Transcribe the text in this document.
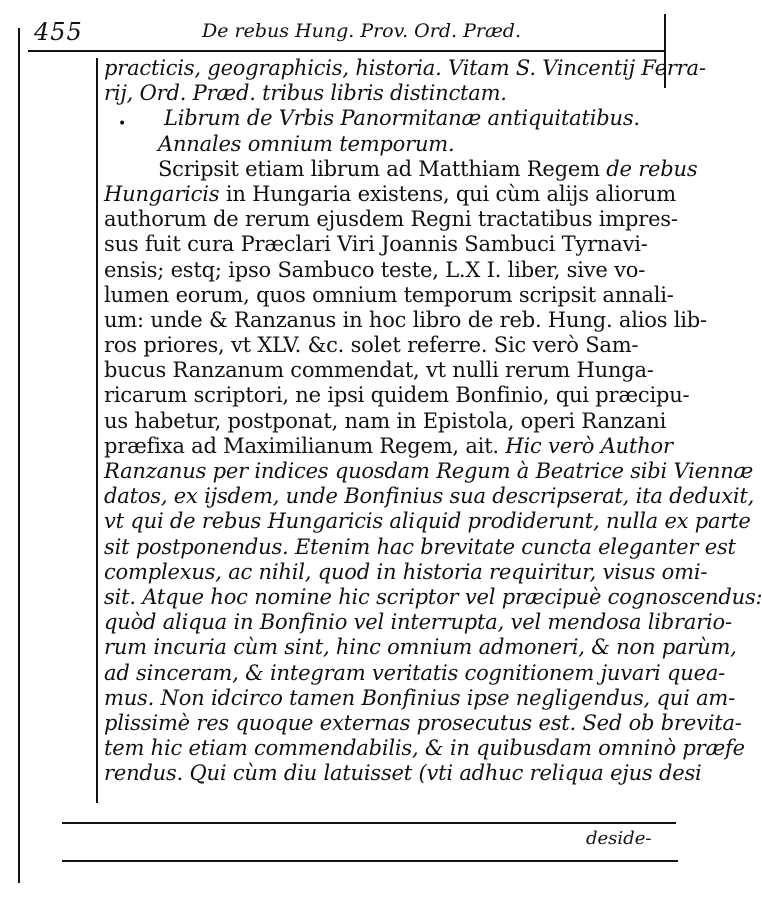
455	De rebus Hung. Prov. Ord. Præd.
•
practicis, geographicis, historia. Vitam S. Vincentij Ferra-
rij, Ord. Præd. tribus libris distinctam.
Librum de Vrbis Panormitanæ antiquitatibus.
Annales omnium temporum.
Scripsit etiam librum ad Matthiam Regem de rebus
Hungaricis in Hungaria existens, qui cùm alijs aliorum
authorum de rerum ejusdem Regni tractatibus impres-
sus fuit cura Præclari Viri Joannis Sambuci Tyrnavi-
ensis; estq; ipso Sambuco teste, L.X I. liber, sive vo-
lumen eorum, quos omnium temporum scripsit annali-
um: unde & Ranzanus in hoc libro de reb. Hung. alios lib-
ros priores, vt XLV. &c. solet referre. Sic verò Sam-
bucus Ranzanum commendat, vt nulli rerum Hunga-
ricarum scriptori, ne ipsi quidem Bonfinio, qui præcipu-
us habetur, postponat, nam in Epistola, operi Ranzani
præfixa ad Maximilianum Regem, ait. Hic verò Author
Ranzanus per indices quosdam Regum à Beatrice sibi Viennæ
datos, ex ijsdem, unde Bonfinius sua descripserat, ita deduxit,
vt qui de rebus Hungaricis aliquid prodiderunt, nulla ex parte
sit postponendus. Etenim hac brevitate cuncta eleganter est
complexus, ac nihil, quod in historia requiritur, visus omi-
sit. Atque hoc nomine hic scriptor vel præcipuè cognoscendus:
quòd aliqua in Bonfinio vel interrupta, vel mendosa librario-
rum incuria cùm sint, hinc omnium admoneri, & non parùm,
ad sinceram, & integram veritatis cognitionem juvari quea-
mus. Non idcirco tamen Bonfinius ipse negligendus, qui am-
plissimè res quoque externas prosecutus est. Sed ob brevita-
tem hic etiam commendabilis, & in quibusdam omninò præfe
rendus. Qui cùm diu latuisset (vti adhuc reliqua ejus desi
deside-
